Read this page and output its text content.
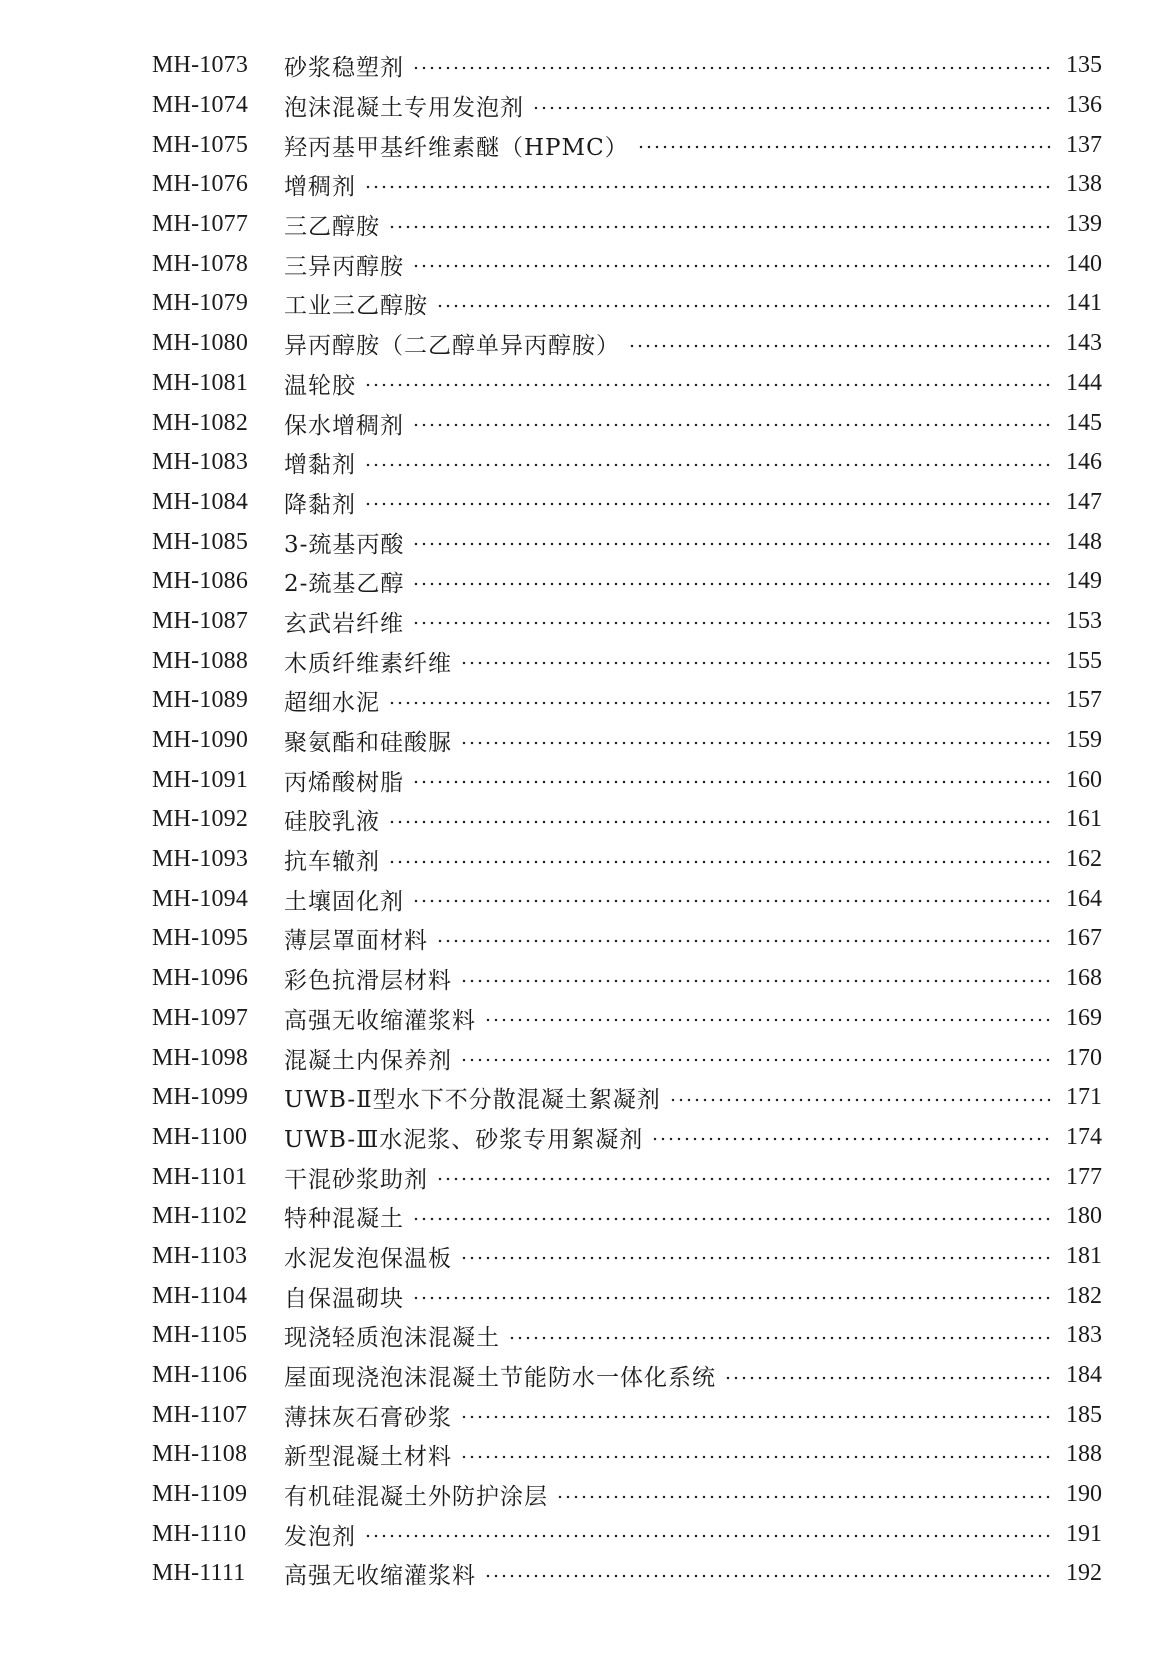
MH-1073	砂浆稳塑剂	135
MH-1074	泡沫混凝土专用发泡剂	136
MH-1075	羟丙基甲基纤维素醚（HPMC）	137
MH-1076	增稠剂	138
MH-1077	三乙醇胺	139
MH-1078	三异丙醇胺	140
MH-1079	工业三乙醇胺	141
MH-1080	异丙醇胺（二乙醇单异丙醇胺）	143
MH-1081	温轮胶	144
MH-1082	保水增稠剂	145
MH-1083	增黏剂	146
MH-1084	降黏剂	147
MH-1085	3-巯基丙酸	148
MH-1086	2-巯基乙醇	149
MH-1087	玄武岩纤维	153
MH-1088	木质纤维素纤维	155
MH-1089	超细水泥	157
MH-1090	聚氨酯和硅酸脲	159
MH-1091	丙烯酸树脂	160
MH-1092	硅胶乳液	161
MH-1093	抗车辙剂	162
MH-1094	土壤固化剂	164
MH-1095	薄层罩面材料	167
MH-1096	彩色抗滑层材料	168
MH-1097	高强无收缩灌浆料	169
MH-1098	混凝土内保养剂	170
MH-1099	UWB-Ⅱ型水下不分散混凝土絮凝剂	171
MH-1100	UWB-Ⅲ水泥浆、砂浆专用絮凝剂	174
MH-1101	干混砂浆助剂	177
MH-1102	特种混凝土	180
MH-1103	水泥发泡保温板	181
MH-1104	自保温砌块	182
MH-1105	现浇轻质泡沫混凝土	183
MH-1106	屋面现浇泡沫混凝土节能防水一体化系统	184
MH-1107	薄抹灰石膏砂浆	185
MH-1108	新型混凝土材料	188
MH-1109	有机硅混凝土外防护涂层	190
MH-1110	发泡剂	191
MH-1111	高强无收缩灌浆料	192
